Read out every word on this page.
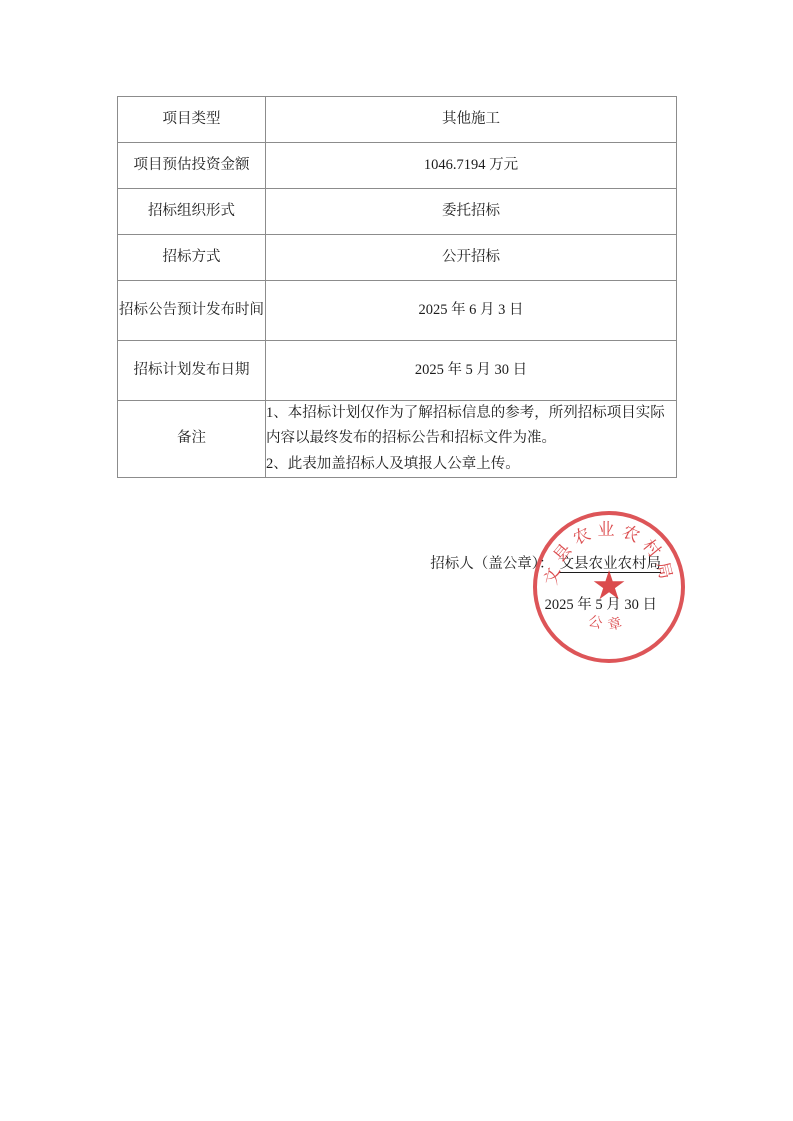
项目类型	其他施工
项目预估投资金额	1046.7194 万元
招标组织形式	委托招标
招标方式	公开招标
招标公告预计发布时间	2025 年 6 月 3 日
招标计划发布日期	2025 年 5 月 30 日
备注	1、本招标计划仅作为了解招标信息的参考，所列招标项目实际内容以最终发布的招标公告和招标文件为准。

2、此表加盖招标人及填报人公章上传。

招标人（盖公章）： 文县农业农村局
2025 年 5 月 30 日
文县农业农村局
公章
★
